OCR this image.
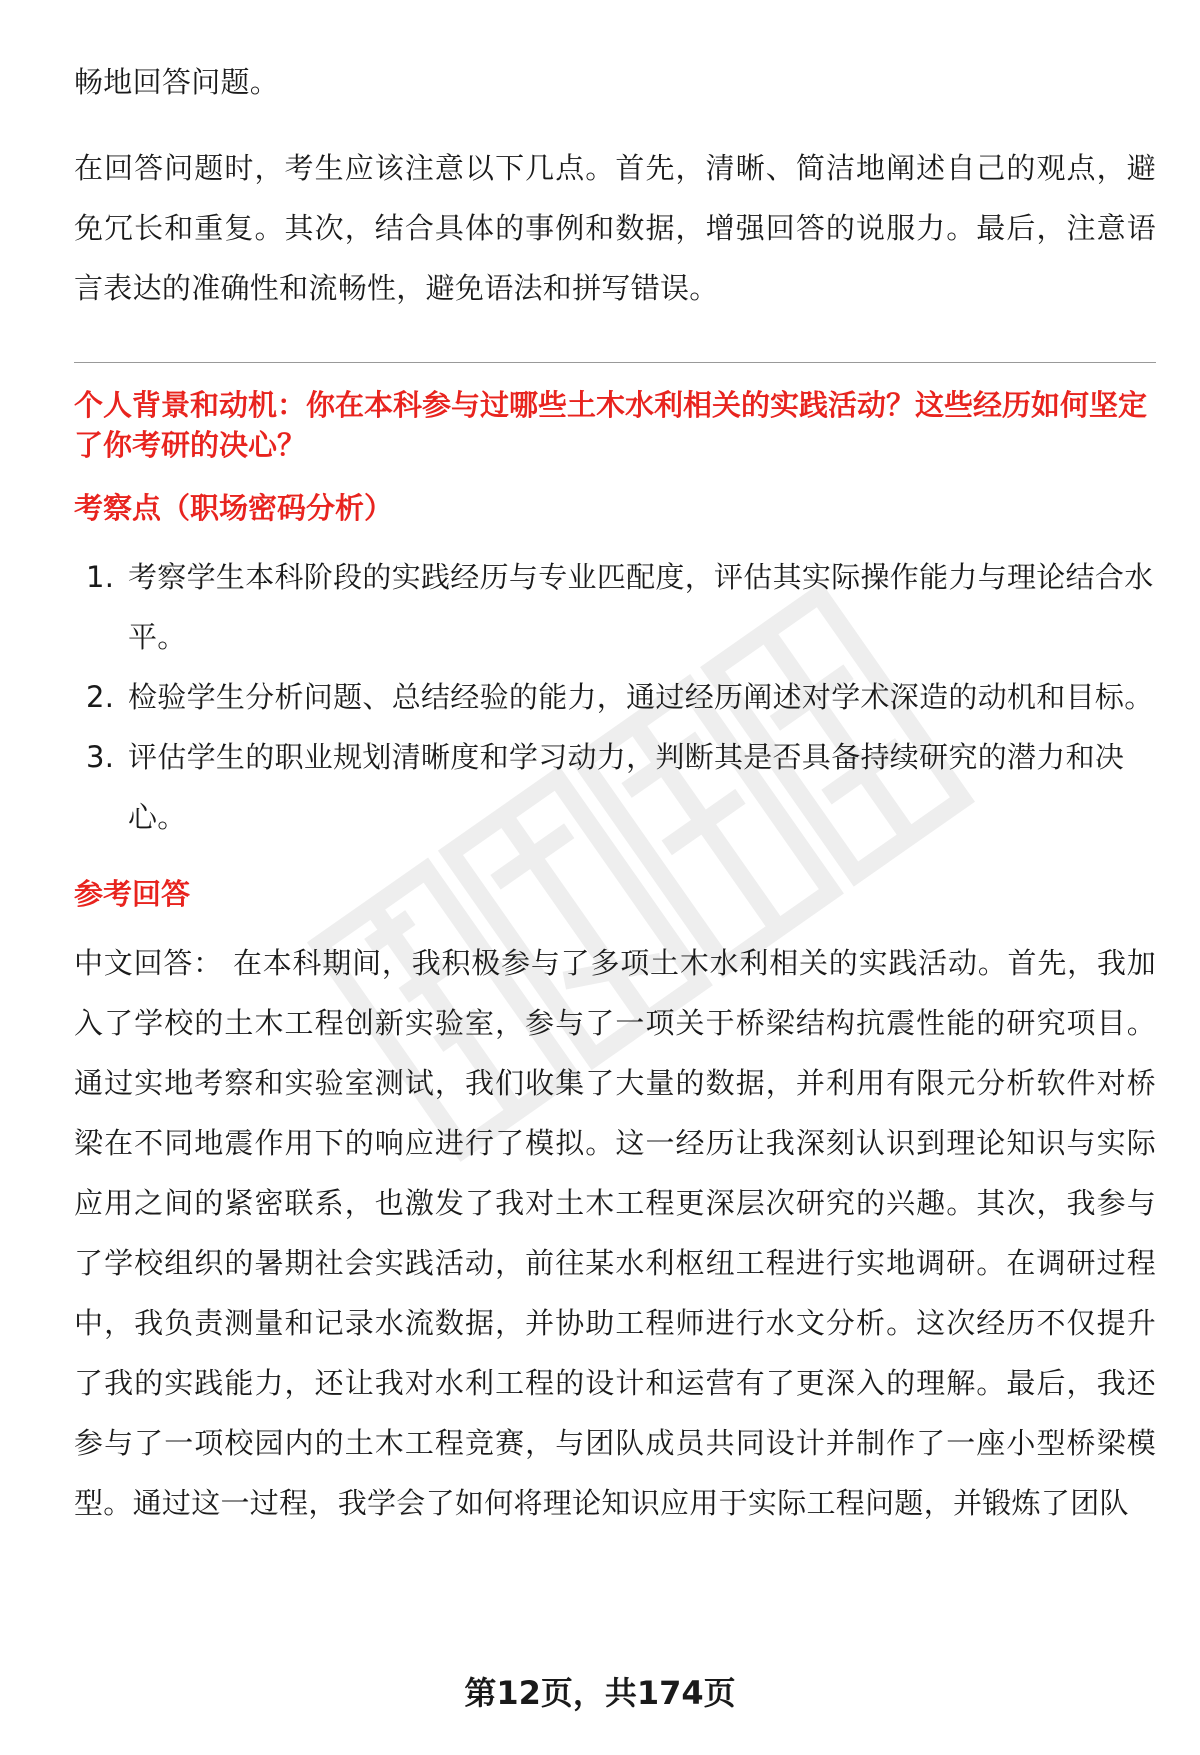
畅地回答问题。

在回答问题时，考生应该注意以下几点。首先，清晰、简洁地阐述自己的观点，避免冗长和重复。其次，结合具体的事例和数据，增强回答的说服力。最后，注意语言表达的准确性和流畅性，避免语法和拼写错误。

个人背景和动机：你在本科参与过哪些土木水利相关的实践活动？这些经历如何坚定了你考研的决心？

考察点（职场密码分析）

1. 考察学生本科阶段的实践经历与专业匹配度，评估其实际操作能力与理论结合水平。
2. 检验学生分析问题、总结经验的能力，通过经历阐述对学术深造的动机和目标。
3. 评估学生的职业规划清晰度和学习动力，判断其是否具备持续研究的潜力和决心。

参考回答

中文回答： 在本科期间，我积极参与了多项土木水利相关的实践活动。首先，我加入了学校的土木工程创新实验室，参与了一项关于桥梁结构抗震性能的研究项目。通过实地考察和实验室测试，我们收集了大量的数据，并利用有限元分析软件对桥梁在不同地震作用下的响应进行了模拟。这一经历让我深刻认识到理论知识与实际应用之间的紧密联系，也激发了我对土木工程更深层次研究的兴趣。其次，我参与了学校组织的暑期社会实践活动，前往某水利枢纽工程进行实地调研。在调研过程中，我负责测量和记录水流数据，并协助工程师进行水文分析。这次经历不仅提升了我的实践能力，还让我对水利工程的设计和运营有了更深入的理解。最后，我还参与了一项校园内的土木工程竞赛，与团队成员共同设计并制作了一座小型桥梁模型。通过这一过程，我学会了如何将理论知识应用于实际工程问题，并锻炼了团队

第12页，共174页
